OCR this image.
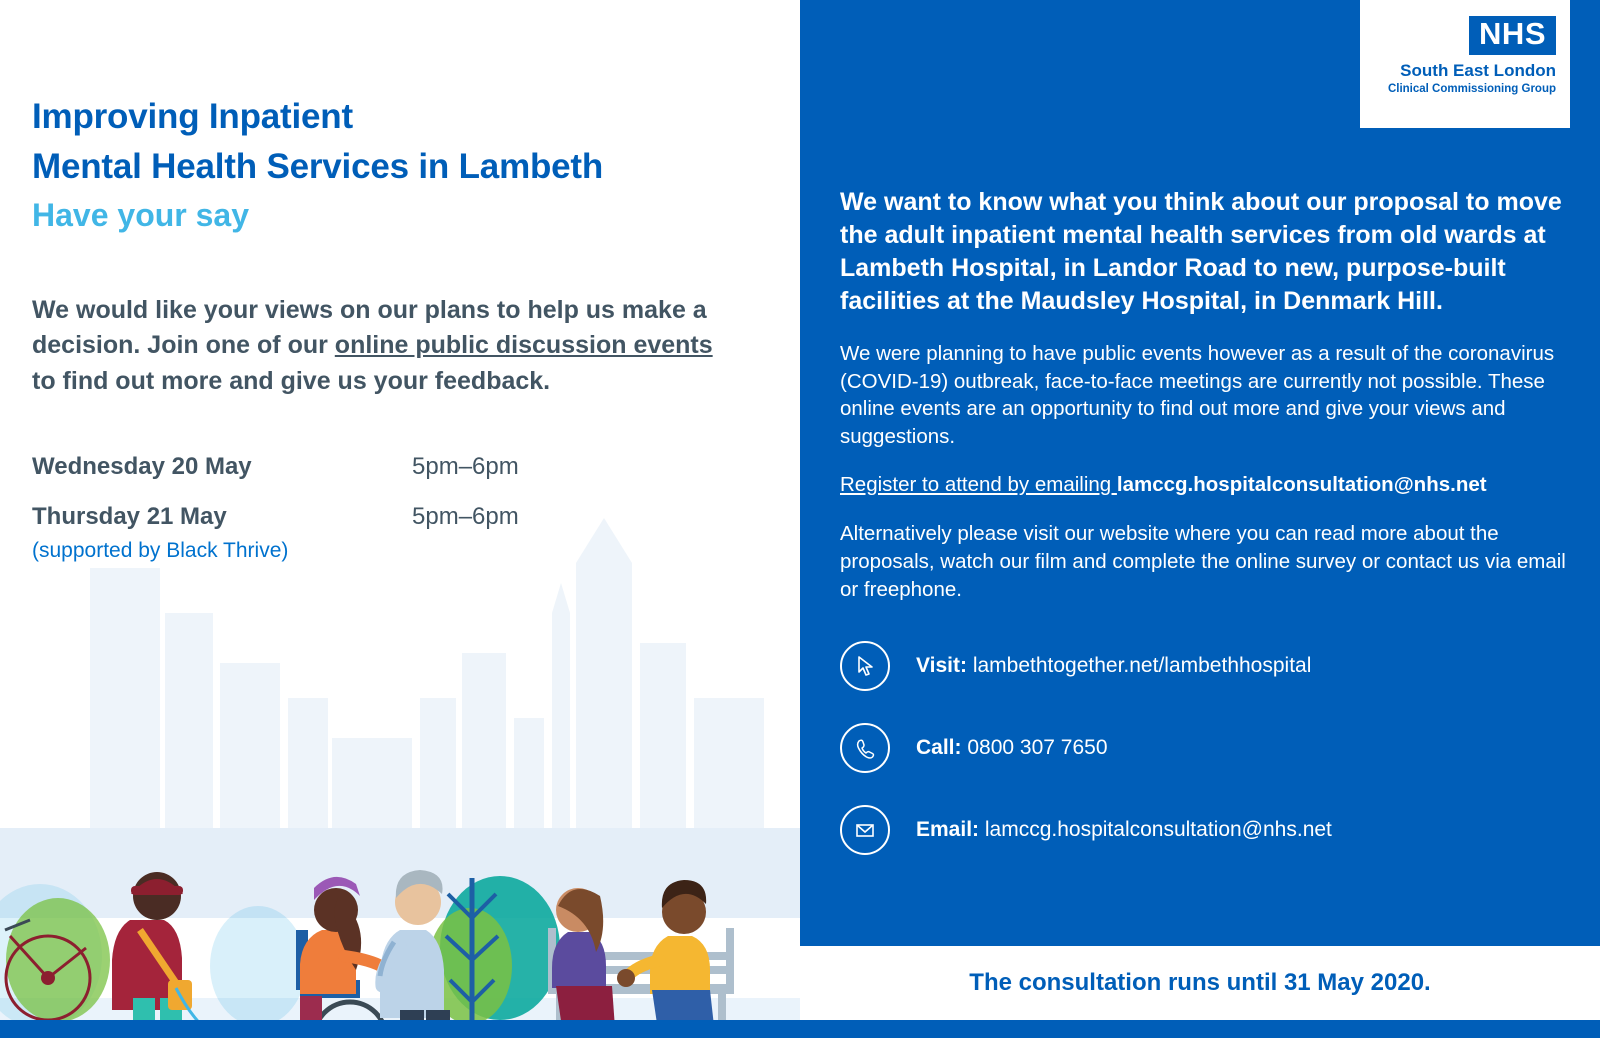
Improving Inpatient
Mental Health Services in Lambeth
Have your say

We would like your views on our plans to help us make a decision. Join one of our online public discussion events to find out more and give us your feedback.

Wednesday 20 May	5pm–6pm
Thursday 21 May	5pm–6pm
(supported by Black Thrive)
NHS
South East London
Clinical Commissioning Group

We want to know what you think about our proposal to move the adult inpatient mental health services from old wards at Lambeth Hospital, in Landor Road to new, purpose-built facilities at the Maudsley Hospital, in Denmark Hill.

We were planning to have public events however as a result of the coronavirus (COVID-19) outbreak, face-to-face meetings are currently not possible. These online events are an opportunity to find out more and give your views and suggestions.

Register to attend by emailing lamccg.hospitalconsultation@nhs.net

Alternatively please visit our website where you can read more about the proposals, watch our film and complete the online survey or contact us via email or freephone.

Visit: lambethtogether.net/lambethhospital
Call: 0800 307 7650
Email: lamccg.hospitalconsultation@nhs.net
The consultation runs until 31 May 2020.
